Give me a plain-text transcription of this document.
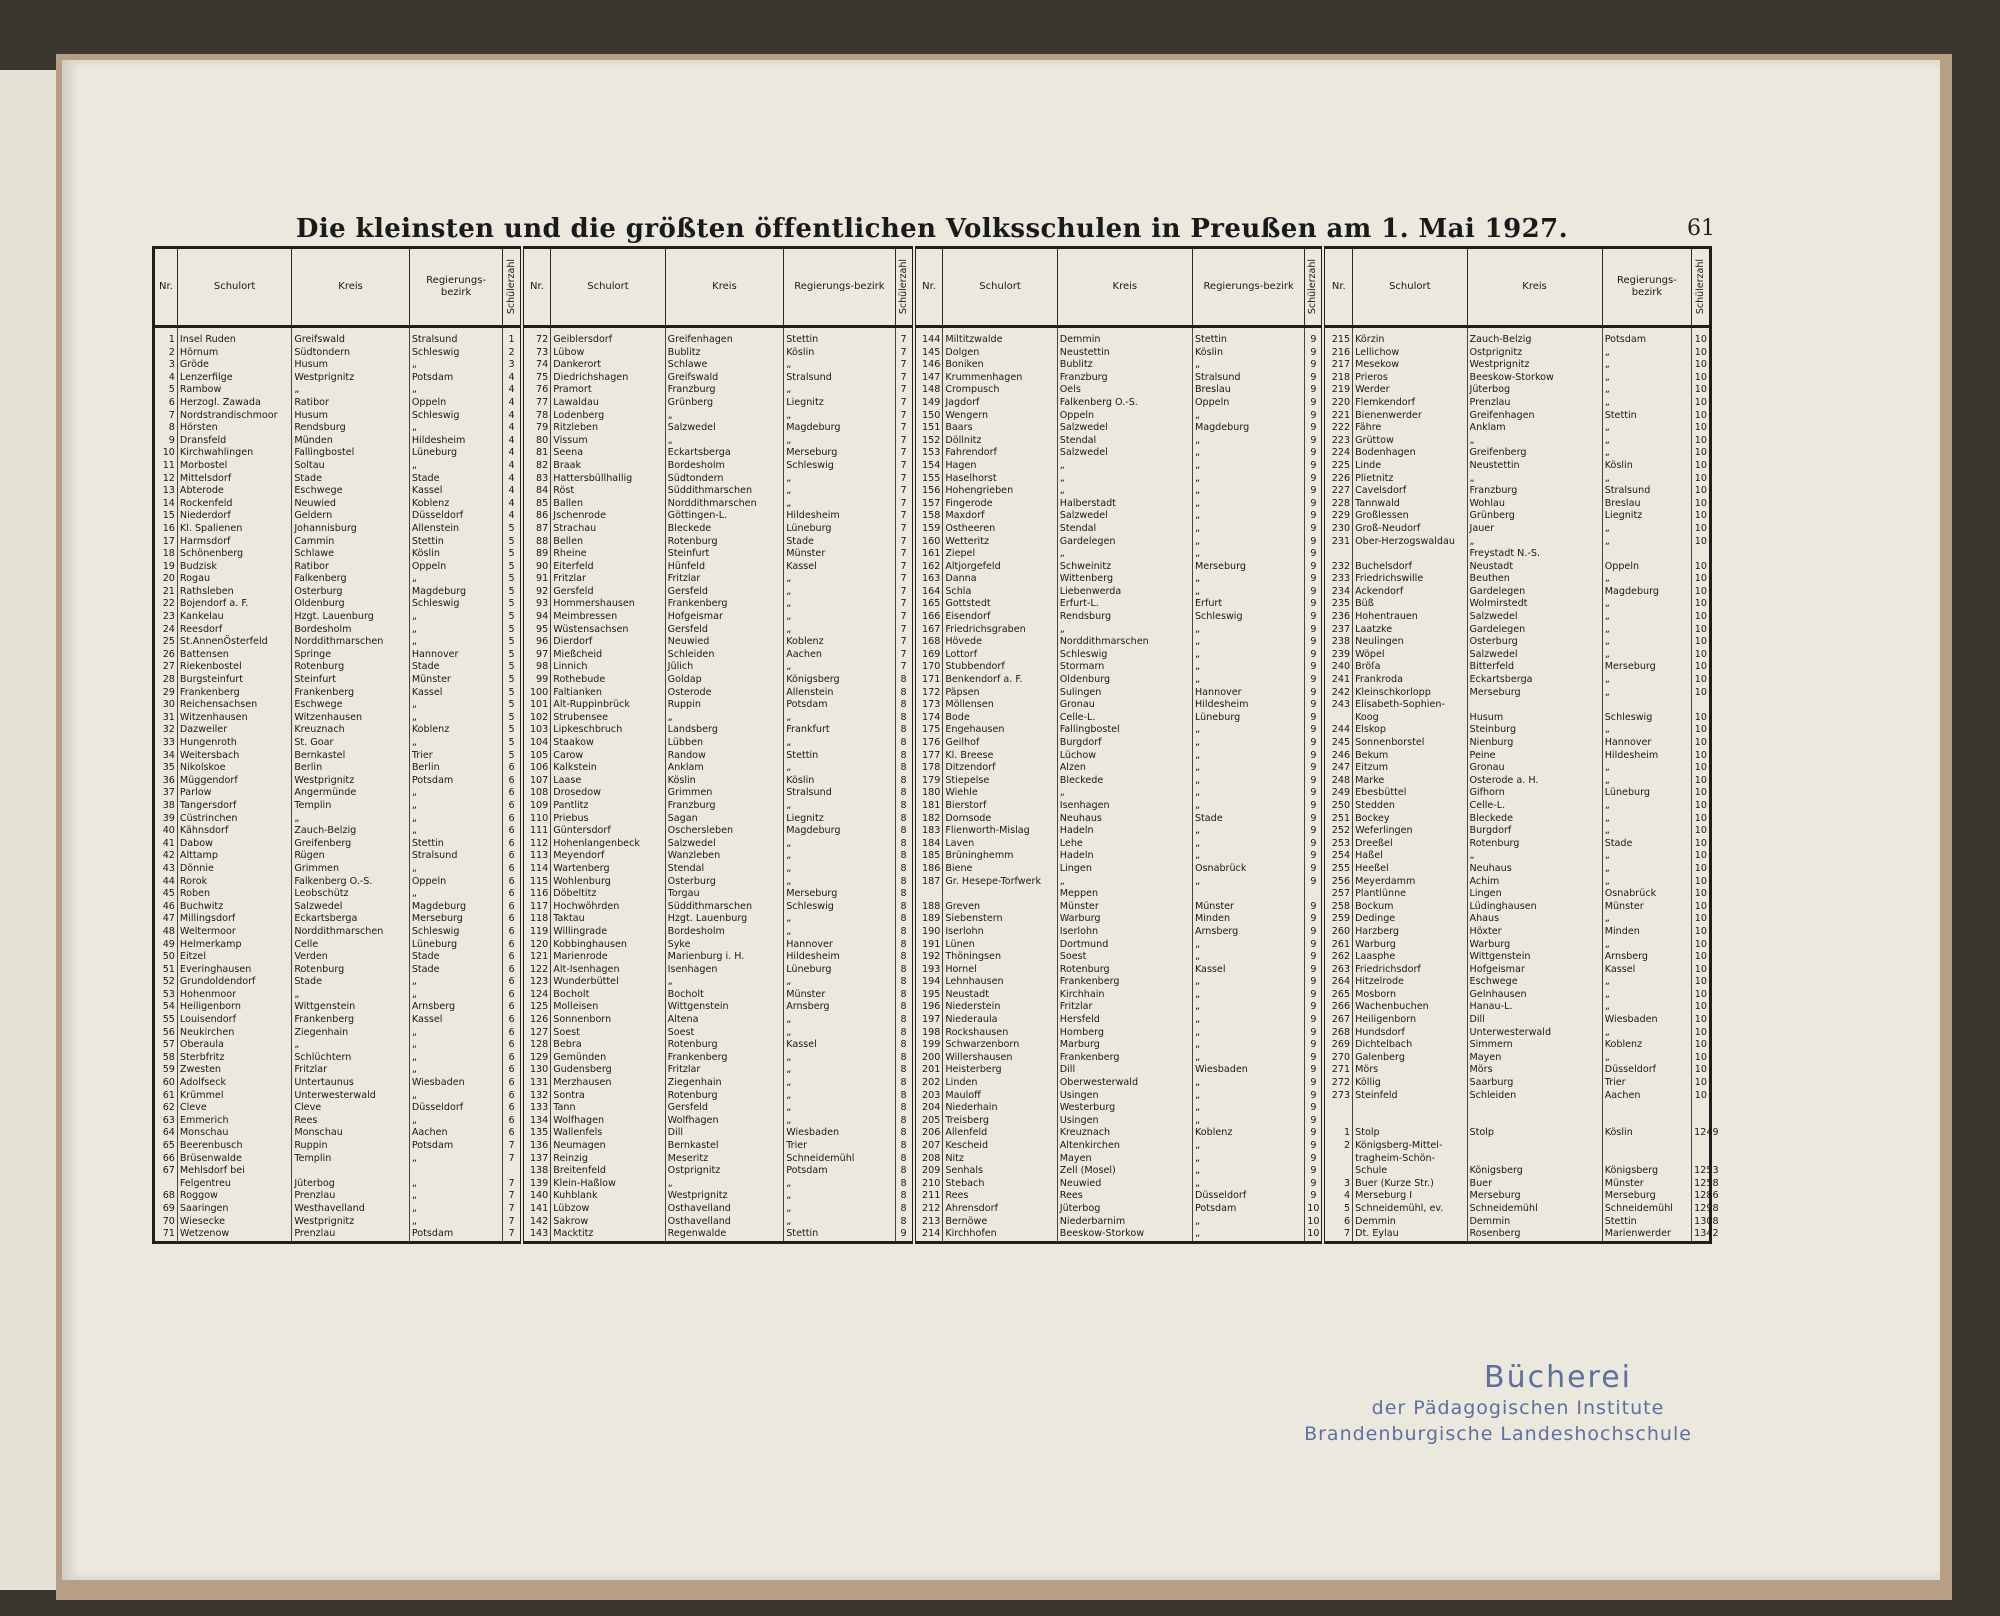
Die kleinsten und die größten öffentlichen Volksschulen in Preußen am 1. Mai 1927.	61
Nr.	Schulort	Kreis	Regierungs-bezirk	Schülerzahl	Nr.	Schulort	Kreis	Regierungs-bezirk	Schülerzahl	Nr.	Schulort	Kreis	Regierungs-bezirk	Schülerzahl	Nr.	Schulort	Kreis	Regierungs-bezirk	Schülerzahl

1	Insel Ruden	Greifswald	Stralsund	1	72	Geiblersdorf	Greifenhagen	Stettin	7	144	Miltitzwalde	Demmin	Stettin	9	215	Körzin	Zauch-Belzig	Potsdam	10
2	Hörnum	Südtondern	Schleswig	2	73	Lübow	Bublitz	Köslin	7	145	Dolgen	Neustettin	Köslin	9	216	Lellichow	Ostprignitz	„	10
3	Gröde	Husum	„	3	74	Dankerort	Schlawe	„	7	146	Boniken	Bublitz	„	9	217	Mesekow	Westprignitz	„	10
4	Lenzerfilge	Westprignitz	Potsdam	4	75	Diedrichshagen	Greifswald	Stralsund	7	147	Krummenhagen	Franzburg	Stralsund	9	218	Prieros	Beeskow-Storkow	„	10
5	Rambow	„	„	4	76	Pramort	Franzburg	„	7	148	Crompusch	Oels	Breslau	9	219	Werder	Jüterbog	„	10
6	Herzogl. Zawada	Ratibor	Oppeln	4	77	Lawaldau	Grünberg	Liegnitz	7	149	Jagdorf	Falkenberg O.-S.	Oppeln	9	220	Flemkendorf	Prenzlau	„	10
7	Nordstrandischmoor	Husum	Schleswig	4	78	Lodenberg	„	„	7	150	Wengern	Oppeln	„	9	221	Bienenwerder	Greifenhagen	Stettin	10
8	Hörsten	Rendsburg	„	4	79	Ritzleben	Salzwedel	Magdeburg	7	151	Baars	Salzwedel	Magdeburg	9	222	Fähre	Anklam	„	10
9	Dransfeld	Münden	Hildesheim	4	80	Vissum	„	„	7	152	Döllnitz	Stendal	„	9	223	Grüttow	„	„	10
10	Kirchwahlingen	Fallingbostel	Lüneburg	4	81	Seena	Eckartsberga	Merseburg	7	153	Fahrendorf	Salzwedel	„	9	224	Bodenhagen	Greifenberg	„	10
11	Morbostel	Soltau	„	4	82	Braak	Bordesholm	Schleswig	7	154	Hagen	„	„	9	225	Linde	Neustettin	Köslin	10
12	Mittelsdorf	Stade	Stade	4	83	Hattersbüllhallig	Südtondern	„	7	155	Haselhorst	„	„	9	226	Plietnitz	„	„	10
13	Abterode	Eschwege	Kassel	4	84	Röst	Süddithmarschen	„	7	156	Hohengrieben	„	„	9	227	Cavelsdorf	Franzburg	Stralsund	10
14	Rockenfeld	Neuwied	Koblenz	4	85	Ballen	Norddithmarschen	„	7	157	Fingerode	Halberstadt	„	9	228	Tannwald	Wohlau	Breslau	10
15	Niederdorf	Geldern	Düsseldorf	4	86	Jschenrode	Göttingen-L.	Hildesheim	7	158	Maxdorf	Salzwedel	„	9	229	Großlessen	Grünberg	Liegnitz	10
16	Kl. Spalienen	Johannisburg	Allenstein	5	87	Strachau	Bleckede	Lüneburg	7	159	Ostheeren	Stendal	„	9	230	Groß-Neudorf	Jauer	„	10
17	Harmsdorf	Cammin	Stettin	5	88	Bellen	Rotenburg	Stade	7	160	Wetteritz	Gardelegen	„	9	231	Ober-Herzogswaldau	„	„	10
18	Schönenberg	Schlawe	Köslin	5	89	Rheine	Steinfurt	Münster	7	161	Ziepel	„	„	9			Freystadt N.-S.		
19	Budzisk	Ratibor	Oppeln	5	90	Eiterfeld	Hünfeld	Kassel	7	162	Altjorgefeld	Schweinitz	Merseburg	9	232	Buchelsdorf	Neustadt	Oppeln	10
20	Rogau	Falkenberg	„	5	91	Fritzlar	Fritzlar	„	7	163	Danna	Wittenberg	„	9	233	Friedrichswille	Beuthen	„	10
21	Rathsleben	Osterburg	Magdeburg	5	92	Gersfeld	Gersfeld	„	7	164	Schla	Liebenwerda	„	9	234	Ackendorf	Gardelegen	Magdeburg	10
22	Bojendorf a. F.	Oldenburg	Schleswig	5	93	Hommershausen	Frankenberg	„	7	165	Gottstedt	Erfurt-L.	Erfurt	9	235	Büß	Wolmirstedt	„	10
23	Kankelau	Hzgt. Lauenburg	„	5	94	Meimbressen	Hofgeismar	„	7	166	Eisendorf	Rendsburg	Schleswig	9	236	Hohentrauen	Salzwedel	„	10
24	Reesdorf	Bordesholm	„	5	95	Wüstensachsen	Gersfeld	„	7	167	Friedrichsgraben	„	„	9	237	Laatzke	Gardelegen	„	10
25	St.AnnenÖsterfeld	Norddithmarschen	„	5	96	Dierdorf	Neuwied	Koblenz	7	168	Hövede	Norddithmarschen	„	9	238	Neulingen	Osterburg	„	10
26	Battensen	Springe	Hannover	5	97	Mießcheid	Schleiden	Aachen	7	169	Lottorf	Schleswig	„	9	239	Wöpel	Salzwedel	„	10
27	Riekenbostel	Rotenburg	Stade	5	98	Linnich	Jülich	„	7	170	Stubbendorf	Stormarn	„	9	240	Bröſa	Bitterfeld	Merseburg	10
28	Burgsteinfurt	Steinfurt	Münster	5	99	Rothebude	Goldap	Königsberg	8	171	Benkendorf a. F.	Oldenburg	„	9	241	Frankroda	Eckartsberga	„	10
29	Frankenberg	Frankenberg	Kassel	5	100	Faltianken	Osterode	Allenstein	8	172	Päpsen	Sulingen	Hannover	9	242	Kleinschkorlopp	Merseburg	„	10
30	Reichensachsen	Eschwege	„	5	101	Alt-Ruppinbrück	Ruppin	Potsdam	8	173	Möllensen	Gronau	Hildesheim	9	243	Elisabeth-Sophien-			
31	Witzenhausen	Witzenhausen	„	5	102	Strubensee	„	„	8	174	Bode	Celle-L.	Lüneburg	9		Koog	Husum	Schleswig	10
32	Dazweiler	Kreuznach	Koblenz	5	103	Lipkeschbruch	Landsberg	Frankfurt	8	175	Engehausen	Fallingbostel	„	9	244	Elskop	Steinburg	„	10
33	Hungenroth	St. Goar	„	5	104	Staakow	Lübben	„	8	176	Geilhof	Burgdorf	„	9	245	Sonnenborstel	Nienburg	Hannover	10
34	Weitersbach	Bernkastel	Trier	5	105	Carow	Randow	Stettin	8	177	Kl. Breese	Lüchow	„	9	246	Bekum	Peine	Hildesheim	10
35	Nikolskoe	Berlin	Berlin	6	106	Kalkstein	Anklam	„	8	178	Ditzendorf	Alzen	„	9	247	Eitzum	Gronau	„	10
36	Müggendorf	Westprignitz	Potsdam	6	107	Laase	Köslin	Köslin	8	179	Stiepelse	Bleckede	„	9	248	Marke	Osterode a. H.	„	10
37	Parlow	Angermünde	„	6	108	Drosedow	Grimmen	Stralsund	8	180	Wiehle	„	„	9	249	Ebesbüttel	Gifhorn	Lüneburg	10
38	Tangersdorf	Templin	„	6	109	Pantlitz	Franzburg	„	8	181	Bierstorf	Isenhagen	„	9	250	Stedden	Celle-L.	„	10
39	Cüstrinchen	„	„	6	110	Priebus	Sagan	Liegnitz	8	182	Dornsode	Neuhaus	Stade	9	251	Bockey	Bleckede	„	10
40	Kähnsdorf	Zauch-Belzig	„	6	111	Güntersdorf	Oschersleben	Magdeburg	8	183	Flienworth-Mislag	Hadeln	„	9	252	Weferlingen	Burgdorf	„	10
41	Dabow	Greifenberg	Stettin	6	112	Hohenlangenbeck	Salzwedel	„	8	184	Laven	Lehe	„	9	253	Dreeßel	Rotenburg	Stade	10
42	Alttamp	Rügen	Stralsund	6	113	Meyendorf	Wanzleben	„	8	185	Brüninghemm	Hadeln	„	9	254	Haßel	„	„	10
43	Dönnie	Grimmen	„	6	114	Wartenberg	Stendal	„	8	186	Biene	Lingen	Osnabrück	9	255	Heeßel	Neuhaus	„	10
44	Rorok	Falkenberg O.-S.	Oppeln	6	115	Wohlenburg	Osterburg	„	8	187	Gr. Hesepe-Torfwerk	„	„	9	256	Meyerdamm	Achim	„	10
45	Roben	Leobschütz	„	6	116	Döbeltitz	Torgau	Merseburg	8			Meppen			257	Plantlünne	Lingen	Osnabrück	10
46	Buchwitz	Salzwedel	Magdeburg	6	117	Hochwöhrden	Süddithmarschen	Schleswig	8	188	Greven	Münster	Münster	9	258	Bockum	Lüdinghausen	Münster	10
47	Millingsdorf	Eckartsberga	Merseburg	6	118	Taktau	Hzgt. Lauenburg	„	8	189	Siebenstern	Warburg	Minden	9	259	Dedinge	Ahaus	„	10
48	Weltermoor	Norddithmarschen	Schleswig	6	119	Willingrade	Bordesholm	„	8	190	Iserlohn	Iserlohn	Arnsberg	9	260	Harzberg	Höxter	Minden	10
49	Helmerkamp	Celle	Lüneburg	6	120	Kobbinghausen	Syke	Hannover	8	191	Lünen	Dortmund	„	9	261	Warburg	Warburg	„	10
50	Eitzel	Verden	Stade	6	121	Marienrode	Marienburg i. H.	Hildesheim	8	192	Thöningsen	Soest	„	9	262	Laasphe	Wittgenstein	Arnsberg	10
51	Everinghausen	Rotenburg	Stade	6	122	Alt-Isenhagen	Isenhagen	Lüneburg	8	193	Hornel	Rotenburg	Kassel	9	263	Friedrichsdorf	Hofgeismar	Kassel	10
52	Grundoldendorf	Stade	„	6	123	Wunderbüttel	„	„	8	194	Lehnhausen	Frankenberg	„	9	264	Hitzelrode	Eschwege	„	10
53	Hohenmoor	„	„	6	124	Bocholt	Bocholt	Münster	8	195	Neustadt	Kirchhain	„	9	265	Mosborn	Gelnhausen	„	10
54	Heiligenborn	Wittgenstein	Arnsberg	6	125	Molleisen	Wittgenstein	Arnsberg	8	196	Niederstein	Fritzlar	„	9	266	Wachenbuchen	Hanau-L.	„	10
55	Louisendorf	Frankenberg	Kassel	6	126	Sonnenborn	Altena	„	8	197	Niederaula	Hersfeld	„	9	267	Heiligenborn	Dill	Wiesbaden	10
56	Neukirchen	Ziegenhain	„	6	127	Soest	Soest	„	8	198	Rockshausen	Homberg	„	9	268	Hundsdorf	Unterwesterwald	„	10
57	Oberaula	„	„	6	128	Bebra	Rotenburg	Kassel	8	199	Schwarzenborn	Marburg	„	9	269	Dichtelbach	Simmern	Koblenz	10
58	Sterbfritz	Schlüchtern	„	6	129	Gemünden	Frankenberg	„	8	200	Willershausen	Frankenberg	„	9	270	Galenberg	Mayen	„	10
59	Zwesten	Fritzlar	„	6	130	Gudensberg	Fritzlar	„	8	201	Heisterberg	Dill	Wiesbaden	9	271	Mörs	Mörs	Düsseldorf	10
60	Adolfseck	Untertaunus	Wiesbaden	6	131	Merzhausen	Ziegenhain	„	8	202	Linden	Oberwesterwald	„	9	272	Köllig	Saarburg	Trier	10
61	Krümmel	Unterwesterwald	„	6	132	Sontra	Rotenburg	„	8	203	Mauloff	Usingen	„	9	273	Steinfeld	Schleiden	Aachen	10
62	Cleve	Cleve	Düsseldorf	6	133	Tann	Gersfeld	„	8	204	Niederhain	Westerburg	„	9					
63	Emmerich	Rees	„	6	134	Wolfhagen	Wolfhagen	„	8	205	Treisberg	Usingen	„	9					
64	Monschau	Monschau	Aachen	6	135	Wallenfels	Dill	Wiesbaden	8	206	Allenfeld	Kreuznach	Koblenz	9	1	Stolp	Stolp	Köslin	1249
65	Beerenbusch	Ruppin	Potsdam	7	136	Neumagen	Bernkastel	Trier	8	207	Kescheid	Altenkirchen	„	9	2	Königsberg-Mittel-			
66	Brüsenwalde	Templin	„	7	137	Reinzig	Meseritz	Schneidemühl	8	208	Nitz	Mayen	„	9		tragheim-Schön-			
67	Mehlsdorf bei				138	Breitenfeld	Ostprignitz	Potsdam	8	209	Senhals	Zell (Mosel)	„	9		Schule	Königsberg	Königsberg	1253
	Felgentreu	Jüterbog	„	7	139	Klein-Haßlow	„	„	8	210	Stebach	Neuwied	„	9	3	Buer (Kurze Str.)	Buer	Münster	1258
68	Roggow	Prenzlau	„	7	140	Kuhblank	Westprignitz	„	8	211	Rees	Rees	Düsseldorf	9	4	Merseburg I	Merseburg	Merseburg	1286
69	Saaringen	Westhavelland	„	7	141	Lübzow	Osthavelland	„	8	212	Ahrensdorf	Jüterbog	Potsdam	10	5	Schneidemühl, ev.	Schneidemühl	Schneidemühl	1298
70	Wiesecke	Westprignitz	„	7	142	Sakrow	Osthavelland	„	8	213	Bernöwe	Niederbarnim	„	10	6	Demmin	Demmin	Stettin	1308
71	Wetzenow	Prenzlau	Potsdam	7	143	Macktitz	Regenwalde	Stettin	9	214	Kirchhofen	Beeskow-Storkow	„	10	7	Dt. Eylau	Rosenberg	Marienwerder	1342
Bücherei
der Pädagogischen Institute
Brandenburgische Landeshochschule
